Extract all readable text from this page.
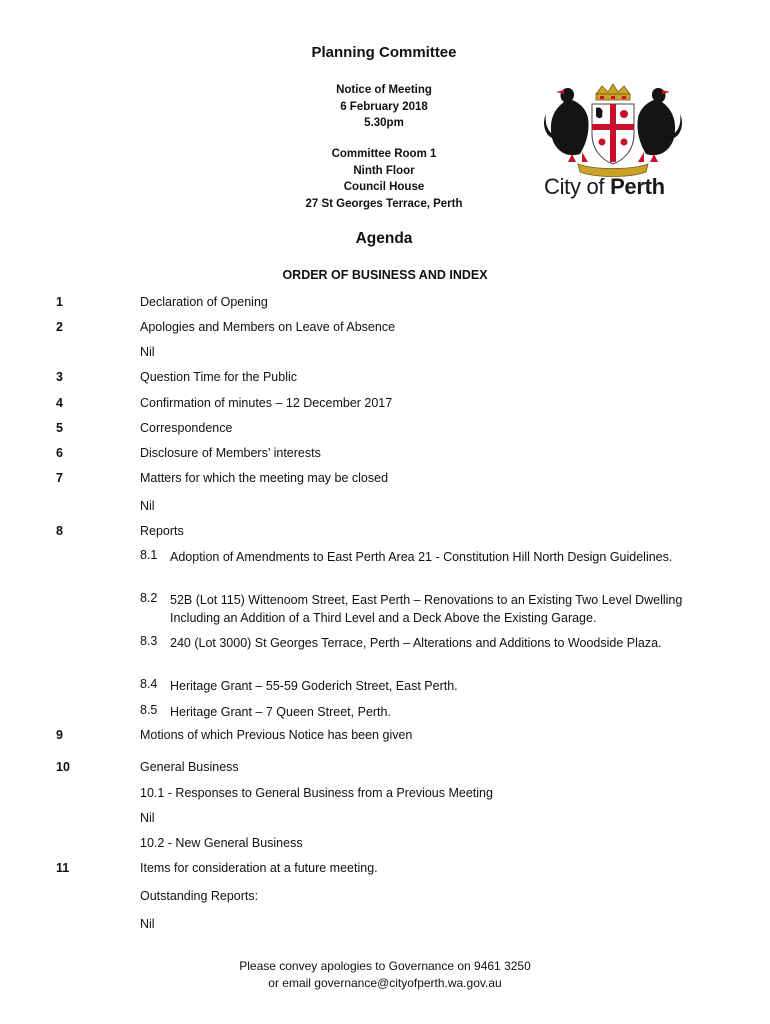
Planning Committee
Notice of Meeting
6 February 2018
5.30pm
Committee Room 1
Ninth Floor
Council House
27 St Georges Terrace, Perth
City of Perth
Agenda
ORDER OF BUSINESS AND INDEX
1	Declaration of Opening
2	Apologies and Members on Leave of Absence
Nil
3	Question Time for the Public
4	Confirmation of minutes – 12 December 2017
5	Correspondence
6	Disclosure of Members’ interests
7	Matters for which the meeting may be closed
Nil
8	Reports
8.1 Adoption of Amendments to East Perth Area 21 - Constitution Hill North Design Guidelines.
8.2 52B (Lot 115) Wittenoom Street, East Perth – Renovations to an Existing Two Level Dwelling Including an Addition of a Third Level and a Deck Above the Existing Garage.
8.3 240 (Lot 3000) St Georges Terrace, Perth – Alterations and Additions to Woodside Plaza.
8.4 Heritage Grant – 55-59 Goderich Street, East Perth.
8.5 Heritage Grant – 7 Queen Street, Perth.
9	Motions of which Previous Notice has been given
10	General Business
10.1 - Responses to General Business from a Previous Meeting
Nil
10.2 - New General Business
11	Items for consideration at a future meeting.
Outstanding Reports:
Nil
Please convey apologies to Governance on 9461 3250
or email governance@cityofperth.wa.gov.au
